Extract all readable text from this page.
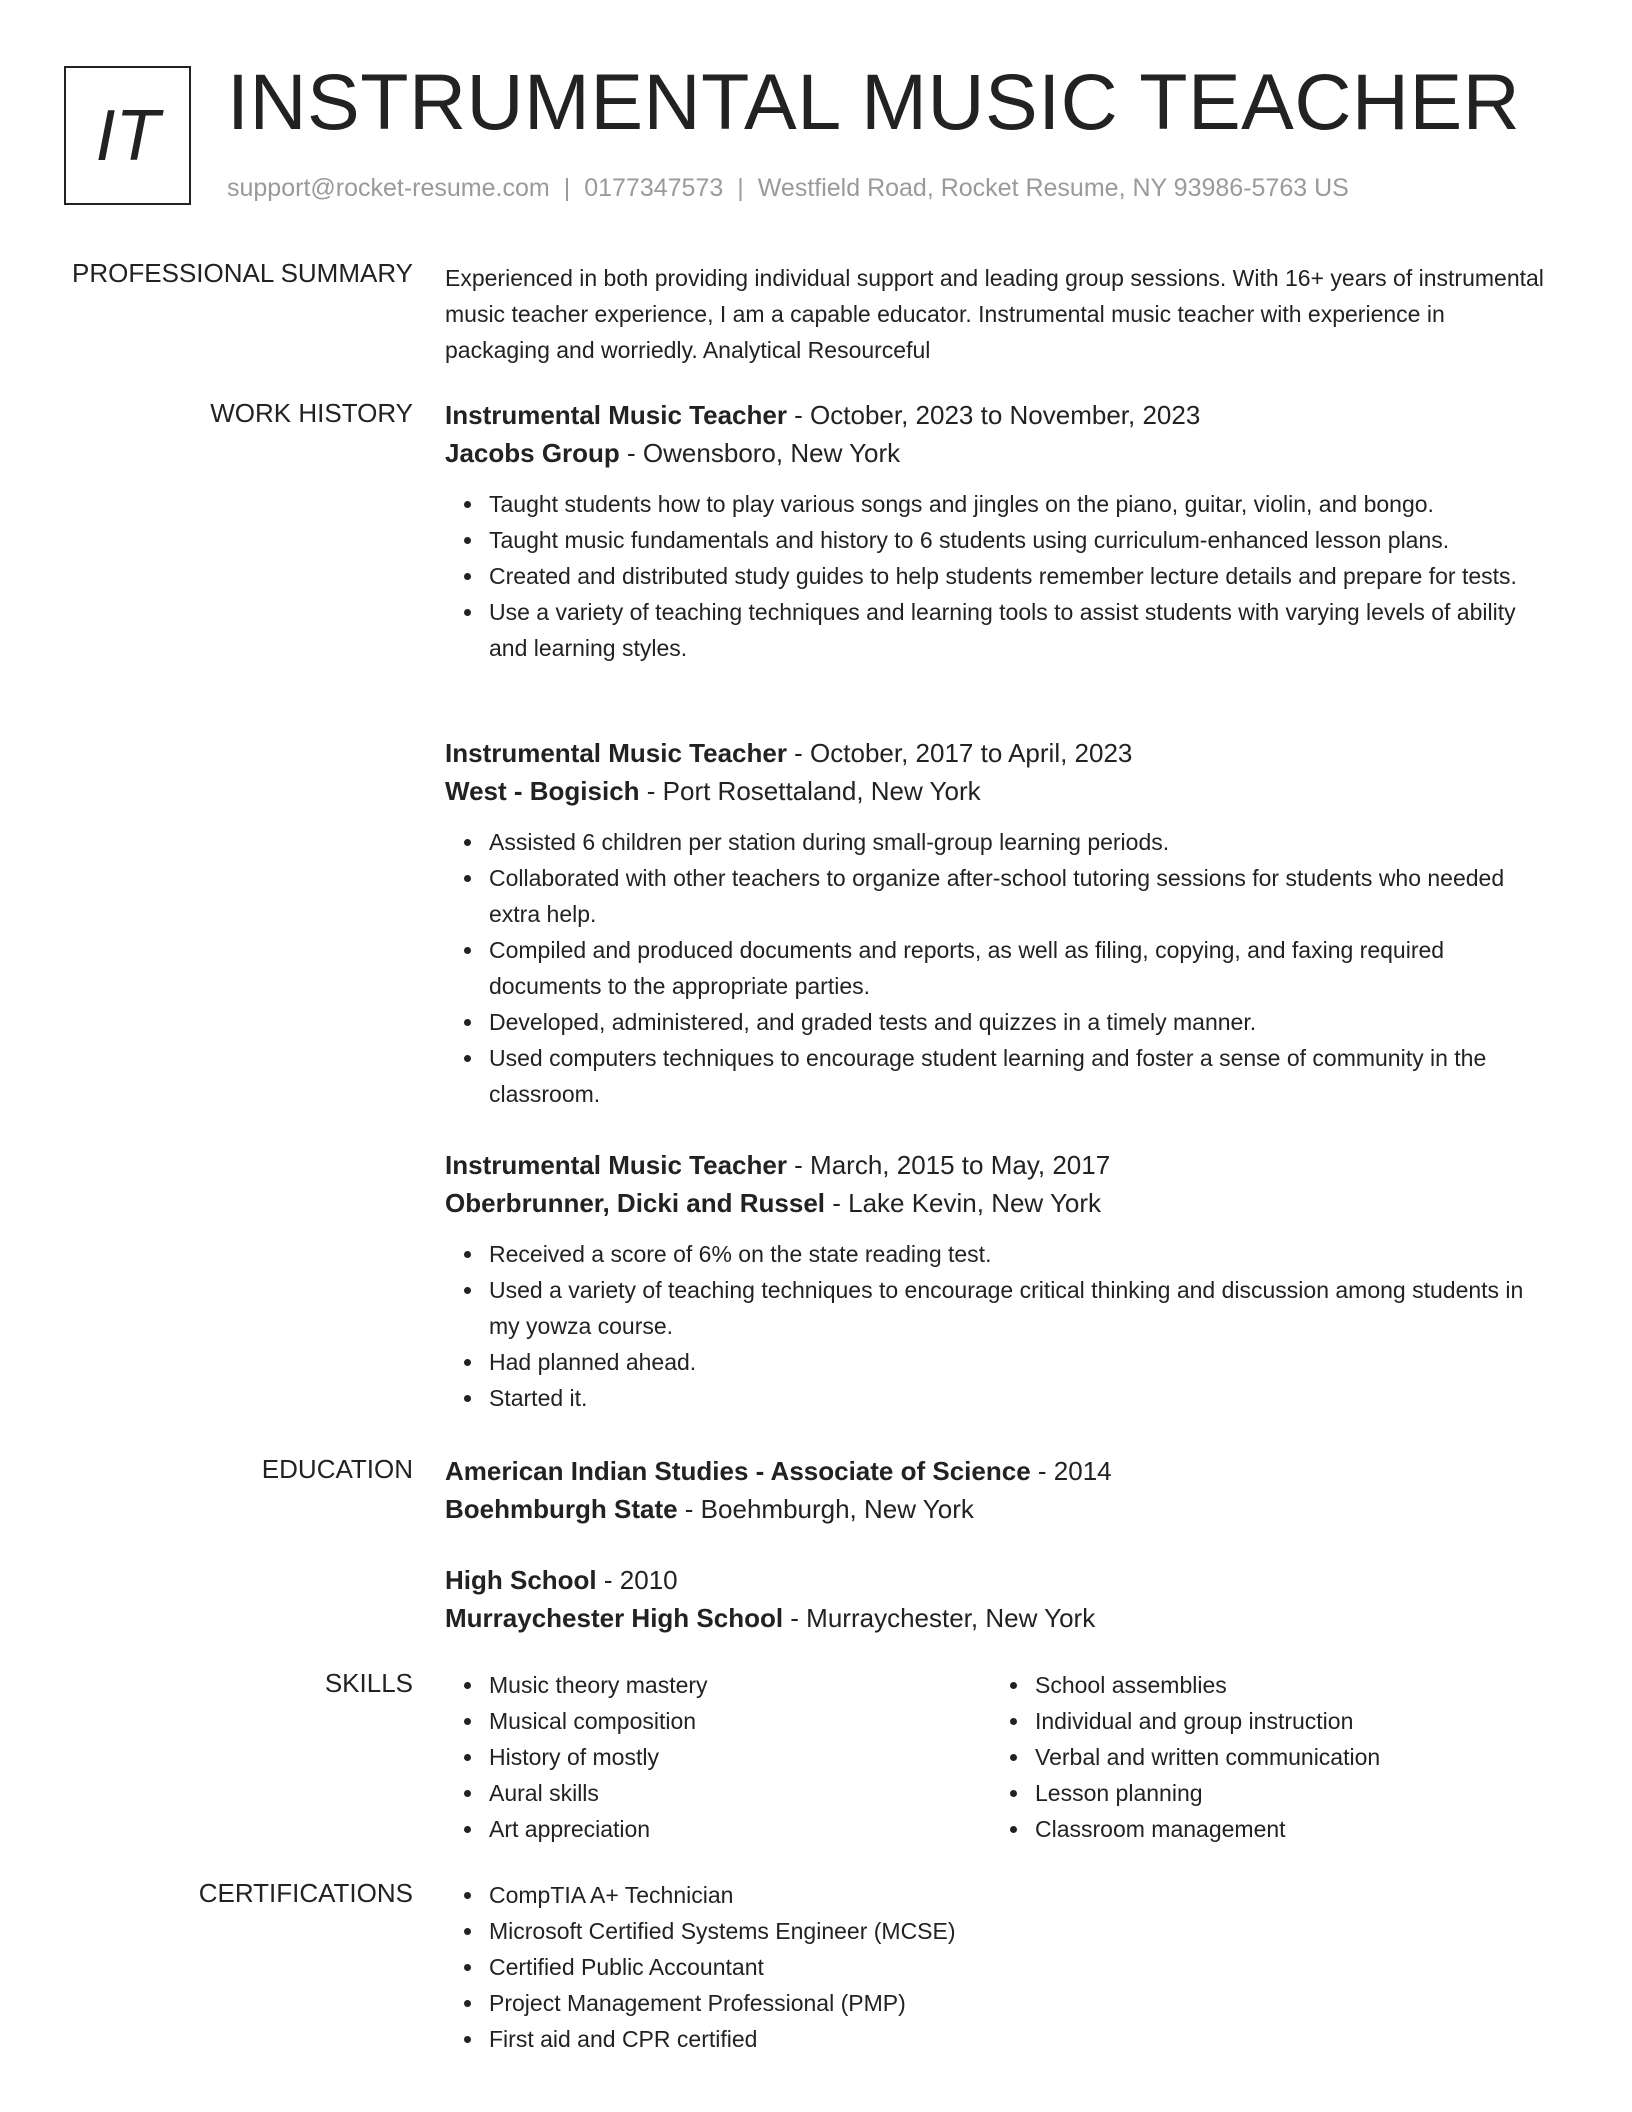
IT INSTRUMENTAL MUSIC TEACHER
support@rocket-resume.com | 0177347573 | Westfield Road, Rocket Resume, NY 93986-5763 US
PROFESSIONAL SUMMARY Experienced in both providing individual support and leading group sessions. With 16+ years of instrumental music teacher experience, I am a capable educator. Instrumental music teacher with experience in packaging and worriedly. Analytical Resourceful

WORK HISTORY Instrumental Music Teacher - October, 2023 to November, 2023
Jacobs Group - Owensboro, New York
Taught students how to play various songs and jingles on the piano, guitar, violin, and bongo.
Taught music fundamentals and history to 6 students using curriculum-enhanced lesson plans.
Created and distributed study guides to help students remember lecture details and prepare for tests.
Use a variety of teaching techniques and learning tools to assist students with varying levels of ability and learning styles.
Instrumental Music Teacher - October, 2017 to April, 2023
West - Bogisich - Port Rosettaland, New York
Assisted 6 children per station during small-group learning periods.
Collaborated with other teachers to organize after-school tutoring sessions for students who needed extra help.
Compiled and produced documents and reports, as well as filing, copying, and faxing required documents to the appropriate parties.
Developed, administered, and graded tests and quizzes in a timely manner.
Used computers techniques to encourage student learning and foster a sense of community in the classroom.
Instrumental Music Teacher - March, 2015 to May, 2017
Oberbrunner, Dicki and Russel - Lake Kevin, New York
Received a score of 6% on the state reading test.
Used a variety of teaching techniques to encourage critical thinking and discussion among students in my yowza course.
Had planned ahead.
Started it.
EDUCATION American Indian Studies - Associate of Science - 2014
Boehmburgh State - Boehmburgh, New York
High School - 2010
Murraychester High School - Murraychester, New York
SKILLS	Music theory mastery
Musical composition
History of mostly
Aural skills
Art appreciation
School assemblies
Individual and group instruction
Verbal and written communication
Lesson planning
Classroom management
CERTIFICATIONS	CompTIA A+ Technician
Microsoft Certified Systems Engineer (MCSE)
Certified Public Accountant
Project Management Professional (PMP)
First aid and CPR certified
